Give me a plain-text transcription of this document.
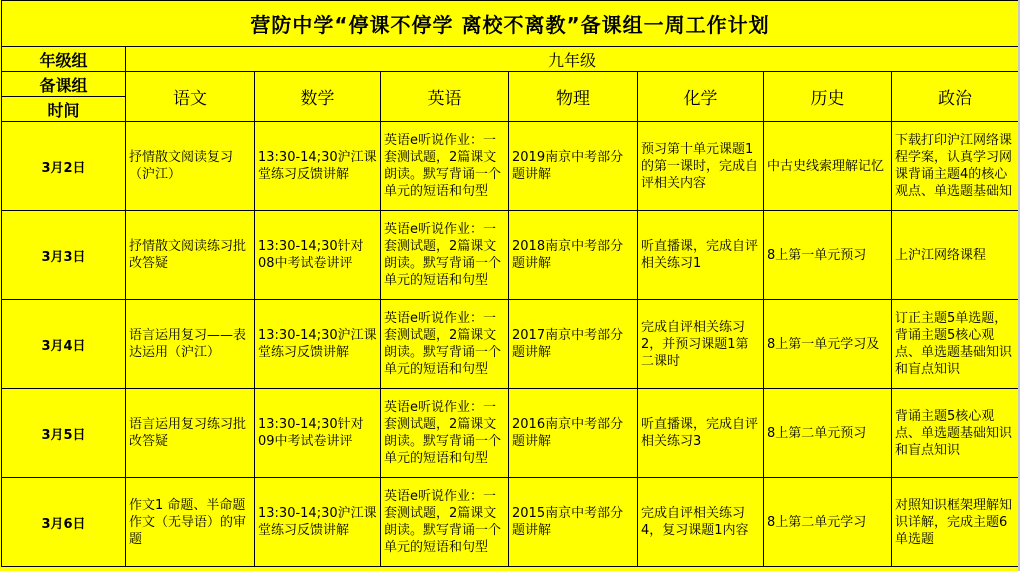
营防中学“停课不停学 离校不离教”备课组一周工作计划							
年级组	九年级						
备课组	语文	数学	英语	物理	化学	历史	政治
时间							
3月2日	抒情散文阅读复习（沪江）	13:30-14;30沪江课堂练习反馈讲解	英语e听说作业：一套测试题，2篇课文朗读。默写背诵一个单元的短语和句型	2019南京中考部分题讲解	预习第十单元课题1的第一课时，完成自评相关内容	中古史线索理解记忆	下载打印沪江网络课程学案，认真学习网课背诵主题4的核心观点、单选题基础知
3月3日	抒情散文阅读练习批改答疑	13:30-14;30针对08中考试卷讲评	英语e听说作业：一套测试题，2篇课文朗读。默写背诵一个单元的短语和句型	2018南京中考部分题讲解	听直播课，完成自评相关练习1	8上第一单元预习	上沪江网络课程
3月4日	语言运用复习——表达运用（沪江）	13:30-14;30沪江课堂练习反馈讲解	英语e听说作业：一套测试题，2篇课文朗读。默写背诵一个单元的短语和句型	2017南京中考部分题讲解	完成自评相关练习2，并预习课题1第二课时	8上第一单元学习及	订正主题5单选题，背诵主题5核心观点、单选题基础知识和盲点知识
3月5日	语言运用复习练习批改答疑	13:30-14;30针对09中考试卷讲评	英语e听说作业：一套测试题，2篇课文朗读。默写背诵一个单元的短语和句型	2016南京中考部分题讲解	听直播课，完成自评相关练习3	8上第二单元预习	背诵主题5核心观点、单选题基础知识和盲点知识
3月6日	作文1 命题、半命题作文（无导语）的审题	13:30-14;30沪江课堂练习反馈讲解	英语e听说作业：一套测试题，2篇课文朗读。默写背诵一个单元的短语和句型	2015南京中考部分题讲解	完成自评相关练习4，复习课题1内容	8上第二单元学习	对照知识框架理解知识详解，完成主题6单选题
